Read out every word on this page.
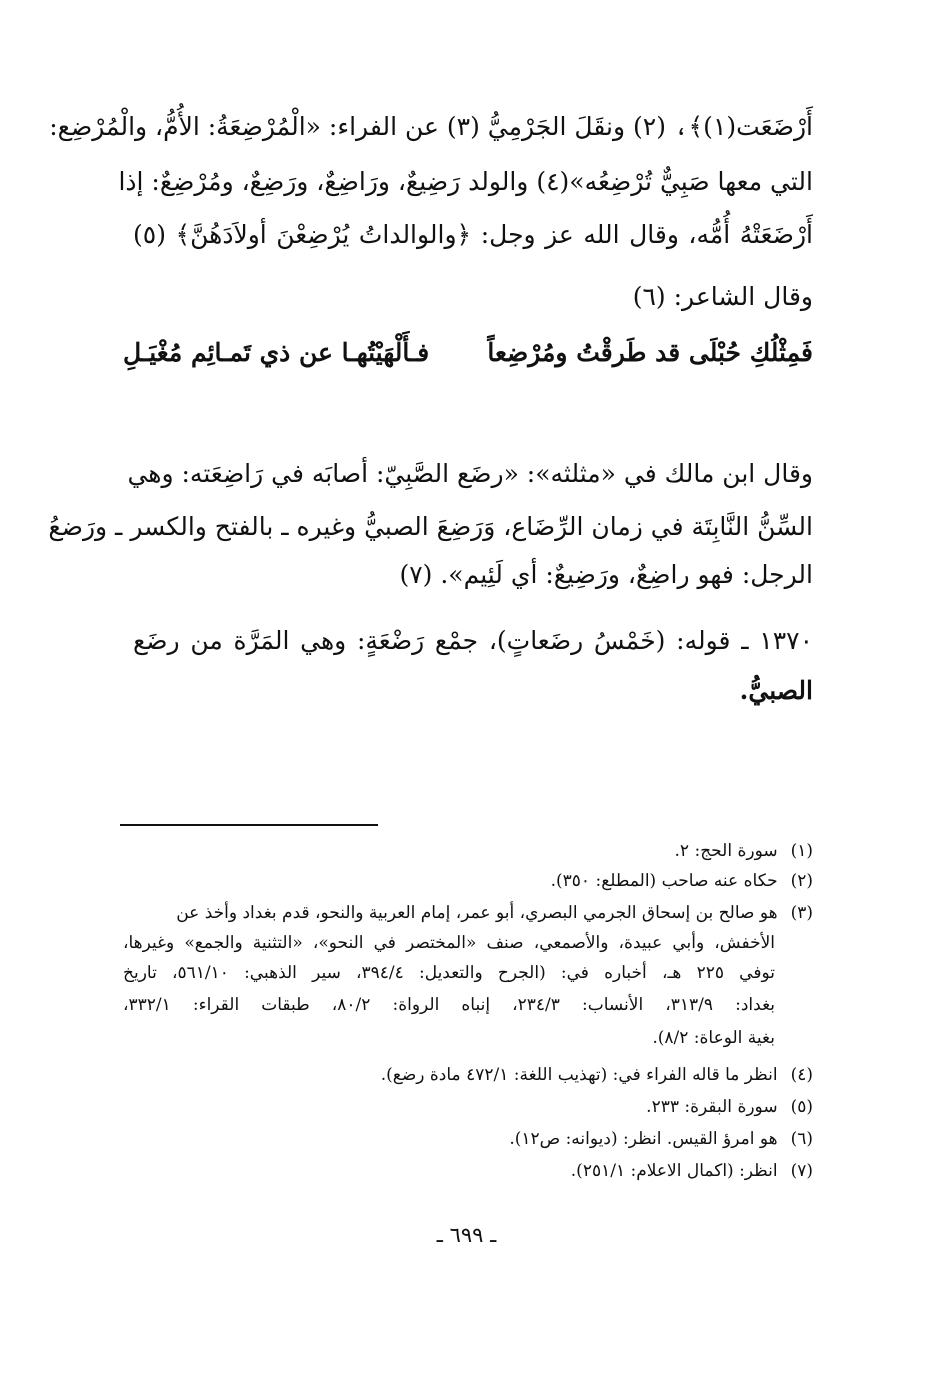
أَرْضَعَت(١)﴾، (٢) ونقَلَ الجَرْمِيُّ (٣) عن الفراء: «الْمُرْضِعَةُ: الأُمُّ، والْمُرْضِع:
التي معها صَبِيٌّ تُرْضِعُه»(٤) والولد رَضِيعٌ، ورَاضِعٌ، ورَضِعٌ، ومُرْضِعٌ: إذا
أَرْضَعَتْهُ أُمُّه، وقال الله عز وجل: ﴿والوالداتُ يُرْضِعْنَ أولاَدَهُنَّ﴾ (٥)
وقال الشاعر: (٦)
فَمِثْلُكِ حُبْلَى قد طَرقْتُ ومُرْضِعاً
فـأَلْهَيْتُهـا عن ذي تَمـائِم مُغْيَـلِ
وقال ابن مالك في «مثلثه»: «رضَع الصَّبِيّ: أصابَه في رَاضِعَته: وهي
السِّنُّ النَّابِتَة في زمان الرِّضَاع، وَرَضِعَ الصبيُّ وغيره ـ بالفتح والكسر ـ ورَضعُ
الرجل: فهو راضِعٌ، ورَضِيعٌ: أي لَئِيم». (٧)
١٣٧٠ ـ قوله: (خَمْسُ رضَعاتٍ)، جمْع رَضْعَةٍ: وهي المَرَّة من رضَع
الصبيُّ.
(١) سورة الحج: ٢.
(٢) حكاه عنه صاحب (المطلع: ٣٥٠).
(٣) هو صالح بن إسحاق الجرمي البصري، أبو عمر، إمام العربية والنحو، قدم بغداد وأخذ عن
الأخفش، وأبي عبيدة، والأصمعي، صنف «المختصر في النحو»، «التثنية والجمع» وغيرها،
توفي ٢٢٥ هـ، أخباره في: (الجرح والتعديل: ٣٩٤/٤، سير الذهبي: ٥٦١/١٠، تاريخ
بغداد: ٣١٣/٩، الأنساب: ٢٣٤/٣، إنباه الرواة: ٨٠/٢، طبقات القراء: ٣٣٢/١،
بغية الوعاة: ٨/٢).
(٤) انظر ما قاله الفراء في: (تهذيب اللغة: ٤٧٢/١ مادة رضع).
(٥) سورة البقرة: ٢٣٣.
(٦) هو امرؤ القيس. انظر: (ديوانه: ص١٢).
(٧) انظر: (اكمال الاعلام: ٢٥١/١).
ـ ٦٩٩ ـ
